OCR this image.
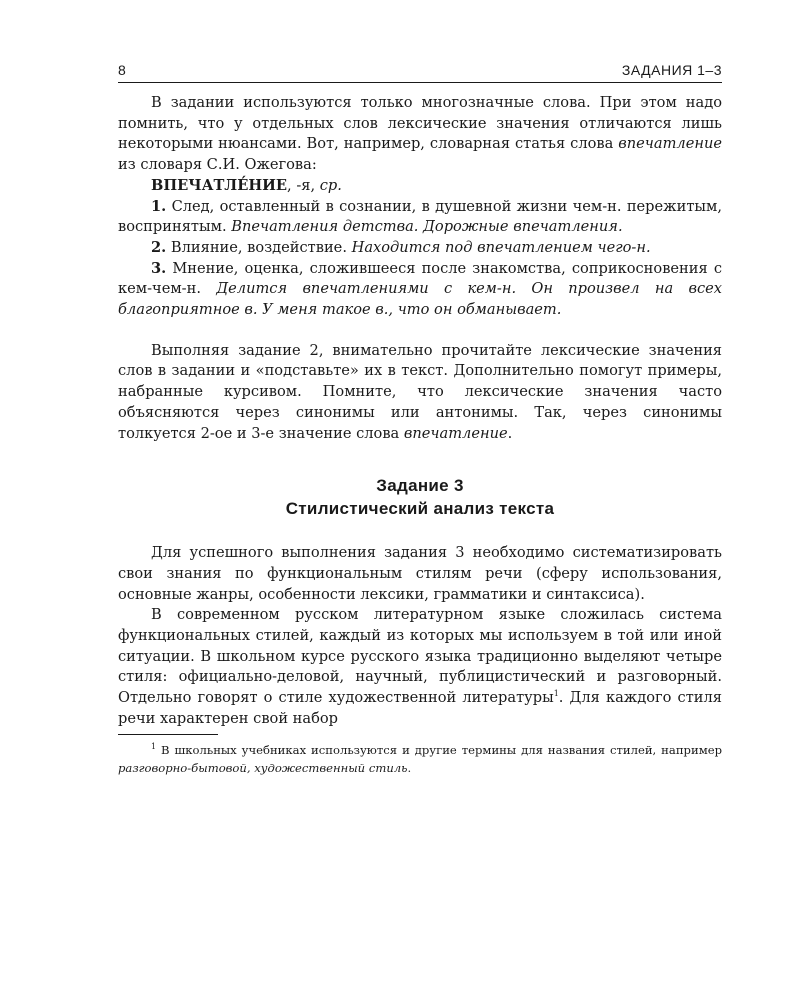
8	ЗАДАНИЯ 1–3

В задании используются только многозначные слова. При этом надо помнить, что у отдельных слов лексические значения отличаются лишь некоторыми нюансами. Вот, например, словарная статья слова впечатление из словаря С.И. Ожегова:

ВПЕЧАТЛЕ́НИЕ, -я, ср.

1. След, оставленный в сознании, в душевной жизни чем-н. пережитым, воспринятым. Впечатления детства. Дорожные впечатления.

2. Влияние, воздействие. Находится под впечатлением чего-н.

3. Мнение, оценка, сложившееся после знакомства, соприкосновения с кем-чем-н. Делится впечатлениями с кем-н. Он произвел на всех благоприятное в. У меня такое в., что он обманывает.

Выполняя задание 2, внимательно прочитайте лексические значения слов в задании и «подставьте» их в текст. Дополнительно помогут примеры, набранные курсивом. Помните, что лексические значения часто объясняются через синонимы или антонимы. Так, через синонимы толкуется 2-ое и 3-е значение слова впечатление.

Задание 3
Стилистический анализ текста

Для успешного выполнения задания 3 необходимо систематизировать свои знания по функциональным стилям речи (сферу использования, основные жанры, особенности лексики, грамматики и синтаксиса).

В современном русском литературном языке сложилась система функциональных стилей, каждый из которых мы используем в той или иной ситуации. В школьном курсе русского языка традиционно выделяют четыре стиля: официально-деловой, научный, публицистический и разговорный. Отдельно говорят о стиле художественной литературы$^1$. Для каждого стиля речи характерен свой набор

$^1$ В школьных учебниках используются и другие термины для названия стилей, например разговорно-бытовой, художественный стиль.
